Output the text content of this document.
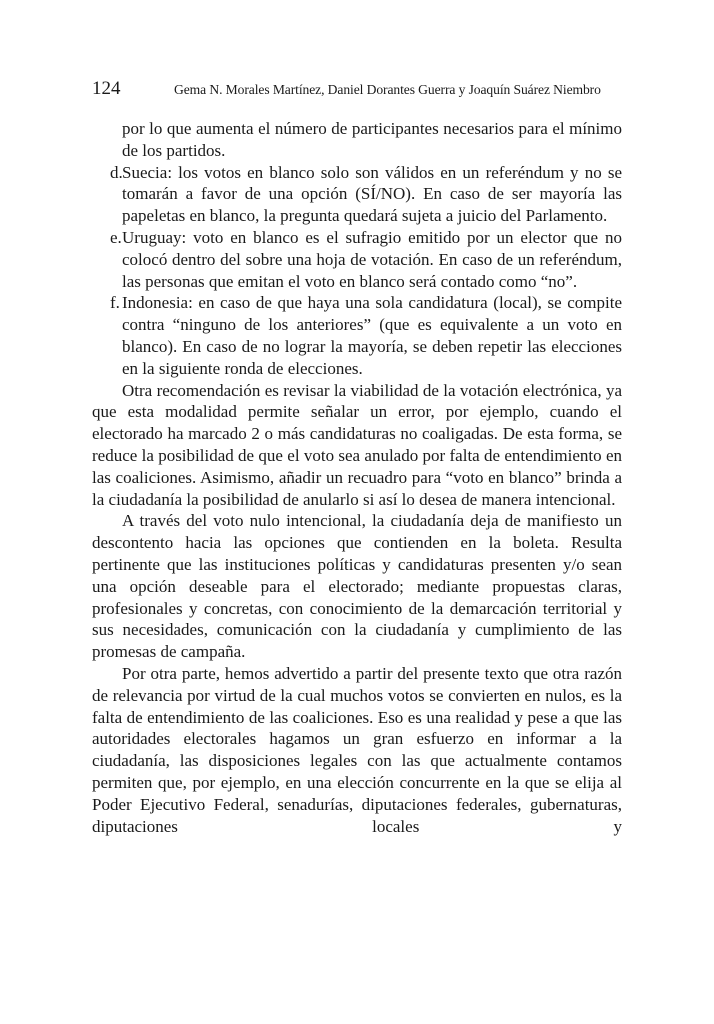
124	Gema N. Morales Martínez, Daniel Dorantes Guerra y Joaquín Suárez Niembro

por lo que aumenta el número de participantes necesarios para el mínimo de los partidos.

d. Suecia: los votos en blanco solo son válidos en un referéndum y no se tomarán a favor de una opción (SÍ/NO). En caso de ser mayoría las papeletas en blanco, la pregunta quedará sujeta a juicio del Parlamento.
e. Uruguay: voto en blanco es el sufragio emitido por un elector que no colocó dentro del sobre una hoja de votación. En caso de un referéndum, las personas que emitan el voto en blanco será contado como “no”.
f. Indonesia: en caso de que haya una sola candidatura (local), se compite contra “ninguno de los anteriores” (que es equivalente a un voto en blanco). En caso de no lograr la mayoría, se deben repetir las elecciones en la siguiente ronda de elecciones.

Otra recomendación es revisar la viabilidad de la votación electrónica, ya que esta modalidad permite señalar un error, por ejemplo, cuando el electorado ha marcado 2 o más candidaturas no coaligadas. De esta forma, se reduce la posibilidad de que el voto sea anulado por falta de entendimiento en las coaliciones. Asimismo, añadir un recuadro para “voto en blanco” brinda a la ciudadanía la posibilidad de anularlo si así lo desea de manera intencional.

A través del voto nulo intencional, la ciudadanía deja de manifiesto un descontento hacia las opciones que contienden en la boleta. Resulta pertinente que las instituciones políticas y candidaturas presenten y/o sean una opción deseable para el electorado; mediante propuestas claras, profesionales y concretas, con conocimiento de la demarcación territorial y sus necesidades, comunicación con la ciudadanía y cumplimiento de las promesas de campaña.

Por otra parte, hemos advertido a partir del presente texto que otra razón de relevancia por virtud de la cual muchos votos se convierten en nulos, es la falta de entendimiento de las coaliciones. Eso es una realidad y pese a que las autoridades electorales hagamos un gran esfuerzo en informar a la ciudadanía, las disposiciones legales con las que actualmente contamos permiten que, por ejemplo, en una elección concurrente en la que se elija al Poder Ejecutivo Federal, senadurías, diputaciones federales, gubernaturas, diputaciones locales y
